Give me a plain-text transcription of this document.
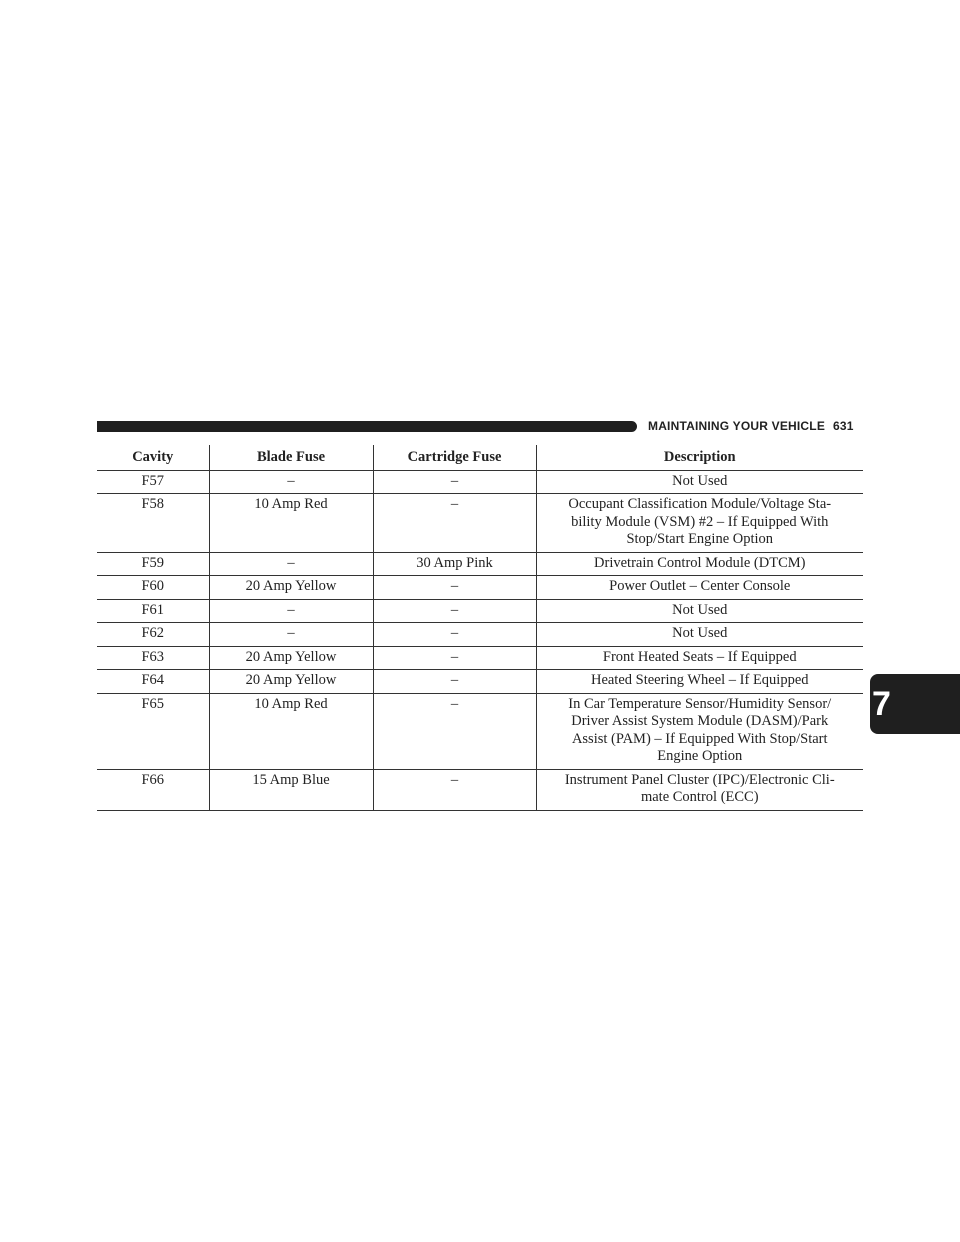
MAINTAINING YOUR VEHICLE 631
7
Cavity	Blade Fuse	Cartridge Fuse	Description
F57	–	–	Not Used

F58	10 Amp Red	–	Occupant Classification Module/Voltage Sta-
bility Module (VSM) #2 – If Equipped With
Stop/Start Engine Option

F59	–	30 Amp Pink	Drivetrain Control Module (DTCM)

F60	20 Amp Yellow	–	Power Outlet – Center Console

F61	–	–	Not Used

F62	–	–	Not Used

F63	20 Amp Yellow	–	Front Heated Seats – If Equipped

F64	20 Amp Yellow	–	Heated Steering Wheel – If Equipped

F65	10 Amp Red	–	In Car Temperature Sensor/Humidity Sensor/
Driver Assist System Module (DASM)/Park
Assist (PAM) – If Equipped With Stop/Start
Engine Option

F66	15 Amp Blue	–	Instrument Panel Cluster (IPC)/Electronic Cli-
mate Control (ECC)
